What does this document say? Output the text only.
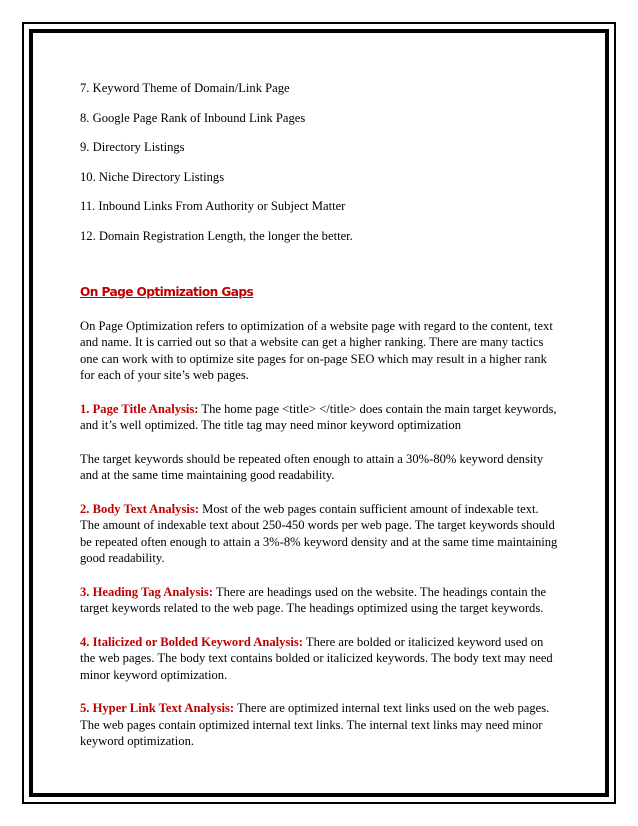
7. Keyword Theme of Domain/Link Page

8. Google Page Rank of Inbound Link Pages

9. Directory Listings

10. Niche Directory Listings

11. Inbound Links From Authority or Subject Matter

12. Domain Registration Length, the longer the better.

On Page Optimization Gaps

On Page Optimization refers to optimization of a website page with regard to the content, text and name. It is carried out so that a website can get a higher ranking. There are many tactics one can work with to optimize site pages for on-page SEO which may result in a higher rank for each of your site’s web pages.

1. Page Title Analysis: The home page <title> </title> does contain the main target keywords, and it’s well optimized. The title tag may need minor keyword optimization

The target keywords should be repeated often enough to attain a 30%-80% keyword density and at the same time maintaining good readability.

2. Body Text Analysis: Most of the web pages contain sufficient amount of indexable text. The amount of indexable text about 250-450 words per web page. The target keywords should be repeated often enough to attain a 3%-8% keyword density and at the same time maintaining good readability.

3. Heading Tag Analysis: There are headings used on the website. The headings contain the target keywords related to the web page. The headings optimized using the target keywords.

4. Italicized or Bolded Keyword Analysis: There are bolded or italicized keyword used on the web pages. The body text contains bolded or italicized keywords. The body text may need minor keyword optimization.

5. Hyper Link Text Analysis: There are optimized internal text links used on the web pages. The web pages contain optimized internal text links. The internal text links may need minor keyword optimization.
